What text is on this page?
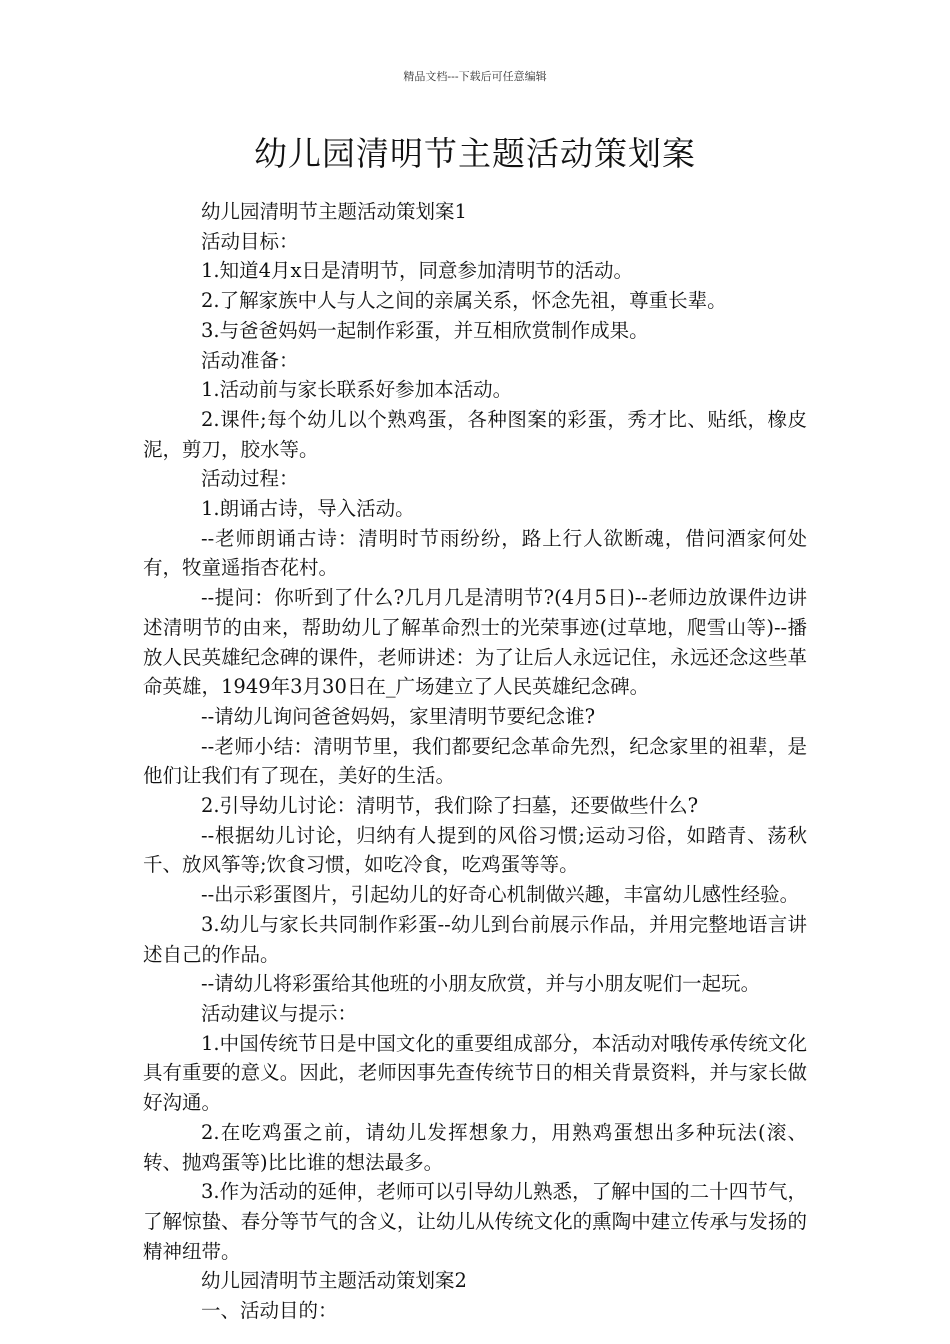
精品文档---下载后可任意编辑
幼儿园清明节主题活动策划案

幼儿园清明节主题活动策划案1

活动目标：

1.知道4月x日是清明节，同意参加清明节的活动。

2.了解家族中人与人之间的亲属关系，怀念先祖，尊重长辈。

3.与爸爸妈妈一起制作彩蛋，并互相欣赏制作成果。

活动准备：

1.活动前与家长联系好参加本活动。

2.课件;每个幼儿以个熟鸡蛋，各种图案的彩蛋，秀才比、贴纸，橡皮泥，剪刀，胶水等。

活动过程：

1.朗诵古诗，导入活动。

--老师朗诵古诗：清明时节雨纷纷，路上行人欲断魂，借问酒家何处有，牧童遥指杏花村。

--提问：你听到了什么?几月几是清明节?(4月5日)--老师边放课件边讲述清明节的由来，帮助幼儿了解革命烈士的光荣事迹(过草地，爬雪山等)--播放人民英雄纪念碑的课件，老师讲述：为了让后人永远记住，永远还念这些革命英雄，1949年3月30日在_广场建立了人民英雄纪念碑。

--请幼儿询问爸爸妈妈，家里清明节要纪念谁?

--老师小结：清明节里，我们都要纪念革命先烈，纪念家里的祖辈，是他们让我们有了现在，美好的生活。

2.引导幼儿讨论：清明节，我们除了扫墓，还要做些什么?

--根据幼儿讨论，归纳有人提到的风俗习惯;运动习俗，如踏青、荡秋千、放风筝等;饮食习惯，如吃冷食，吃鸡蛋等等。

--出示彩蛋图片，引起幼儿的好奇心机制做兴趣，丰富幼儿感性经验。

3.幼儿与家长共同制作彩蛋--幼儿到台前展示作品，并用完整地语言讲述自己的作品。

--请幼儿将彩蛋给其他班的小朋友欣赏，并与小朋友呢们一起玩。

活动建议与提示：

1.中国传统节日是中国文化的重要组成部分，本活动对哦传承传统文化具有重要的意义。因此，老师因事先查传统节日的相关背景资料，并与家长做好沟通。

2.在吃鸡蛋之前，请幼儿发挥想象力，用熟鸡蛋想出多种玩法(滚、转、抛鸡蛋等)比比谁的想法最多。

3.作为活动的延伸，老师可以引导幼儿熟悉，了解中国的二十四节气，了解惊蛰、春分等节气的含义，让幼儿从传统文化的熏陶中建立传承与发扬的精神纽带。

幼儿园清明节主题活动策划案2

一、活动目的：
